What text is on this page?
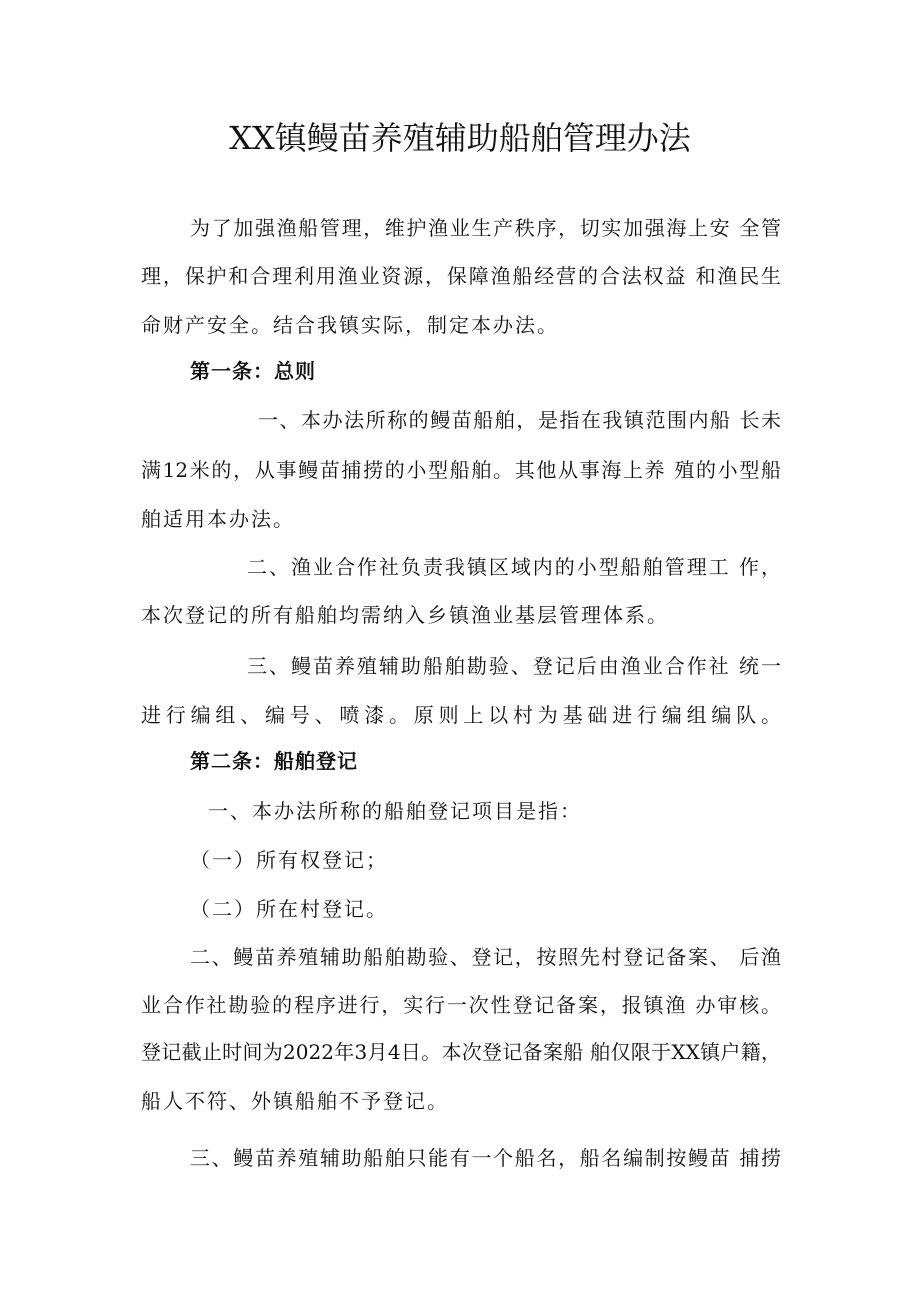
XX镇鳗苗养殖辅助船舶管理办法

为了加强渔船管理，维护渔业生产秩序，切实加强海上安 全管

理，保护和合理利用渔业资源，保障渔船经营的合法权益 和渔民生

命财产安全。结合我镇实际，制定本办法。

第一条：总则

一、本办法所称的鳗苗船舶，是指在我镇范围内船 长未

满12米的，从事鳗苗捕捞的小型船舶。其他从事海上养 殖的小型船

舶适用本办法。

二、渔业合作社负责我镇区域内的小型船舶管理工 作，

本次登记的所有船舶均需纳入乡镇渔业基层管理体系。

三、鳗苗养殖辅助船舶勘验、登记后由渔业合作社 统一

进行编组、编号、喷漆。原则上以村为基础进行编组编队。

第二条：船舶登记

一、本办法所称的船舶登记项目是指：

（一）所有权登记；

（二）所在村登记。

二、鳗苗养殖辅助船舶勘验、登记，按照先村登记备案、 后渔

业合作社勘验的程序进行，实行一次性登记备案，报镇渔 办审核。

登记截止时间为2022年3月4日。本次登记备案船 舶仅限于XX镇户籍，

船人不符、外镇船舶不予登记。

三、鳗苗养殖辅助船舶只能有一个船名，船名编制按鳗苗 捕捞
